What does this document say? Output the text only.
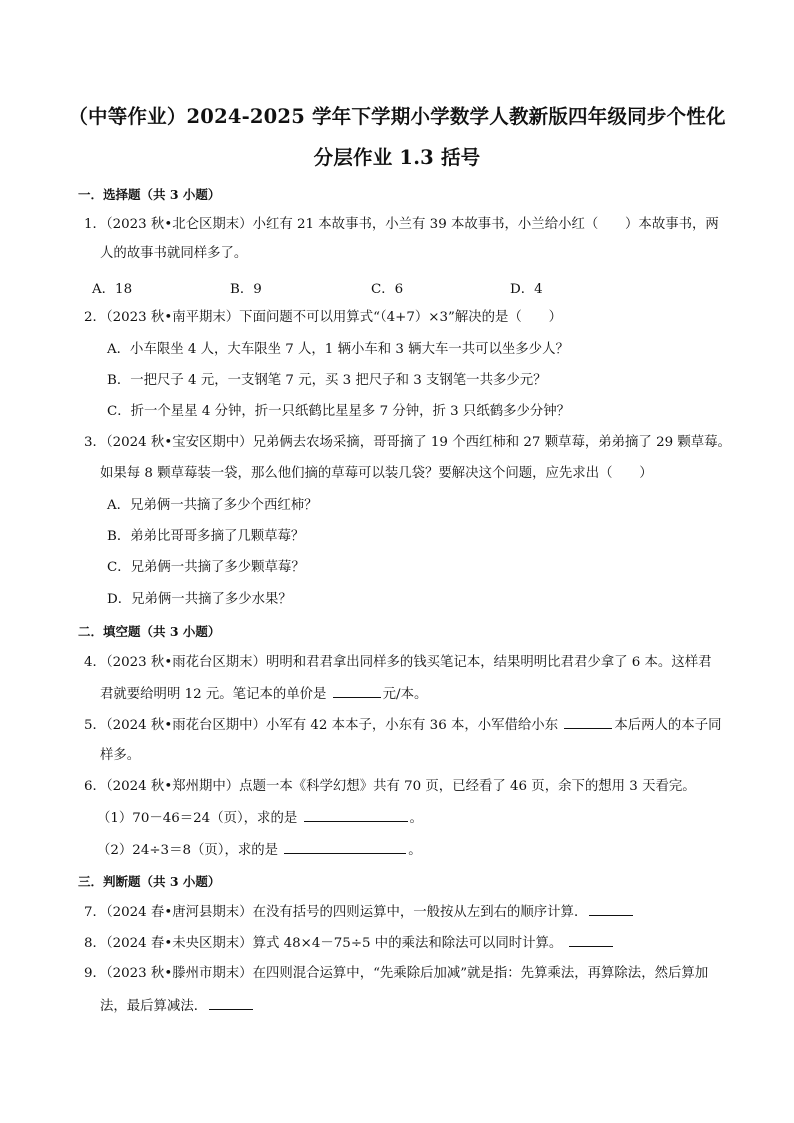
（中等作业）2024-2025 学年下学期小学数学人教新版四年级同步个性化
分层作业 1.3 括号
一．选择题（共 3 小题）
1．（2023 秋•北仑区期末）小红有 21 本故事书，小兰有 39 本故事书，小兰给小红（　　）本故事书，两
人的故事书就同样多了。
A．18	B．9	C．6	D．4
2．（2023 秋•南平期末）下面问题不可以用算式“（4+7）×3”解决的是（　　）
A．小车限坐 4 人，大车限坐 7 人，1 辆小车和 3 辆大车一共可以坐多少人？
B．一把尺子 4 元，一支钢笔 7 元，买 3 把尺子和 3 支钢笔一共多少元？
C．折一个星星 4 分钟，折一只纸鹤比星星多 7 分钟，折 3 只纸鹤多少分钟？
3．（2024 秋•宝安区期中）兄弟俩去农场采摘，哥哥摘了 19 个西红柿和 27 颗草莓，弟弟摘了 29 颗草莓。
如果每 8 颗草莓装一袋，那么他们摘的草莓可以装几袋？要解决这个问题，应先求出（　　）
A．兄弟俩一共摘了多少个西红柿？
B．弟弟比哥哥多摘了几颗草莓？
C．兄弟俩一共摘了多少颗草莓？
D．兄弟俩一共摘了多少水果？
二．填空题（共 3 小题）
4．（2023 秋•雨花台区期末）明明和君君拿出同样多的钱买笔记本，结果明明比君君少拿了 6 本。这样君
君就要给明明 12 元。笔记本的单价是	元/本。
5．（2024 秋•雨花台区期中）小军有 42 本本子，小东有 36 本，小军借给小东	本后两人的本子同
样多。
6．（2024 秋•郑州期中）点题一本《科学幻想》共有 70 页，已经看了 46 页，余下的想用 3 天看完。
（1）70－46＝24（页），求的是	。
（2）24÷3＝8（页），求的是	。
三．判断题（共 3 小题）
7．（2024 春•唐河县期末）在没有括号的四则运算中，一般按从左到右的顺序计算．
8．（2024 春•未央区期末）算式 48×4－75÷5 中的乘法和除法可以同时计算。
9．（2023 秋•滕州市期末）在四则混合运算中，“先乘除后加减”就是指：先算乘法，再算除法，然后算加
法，最后算减法．
